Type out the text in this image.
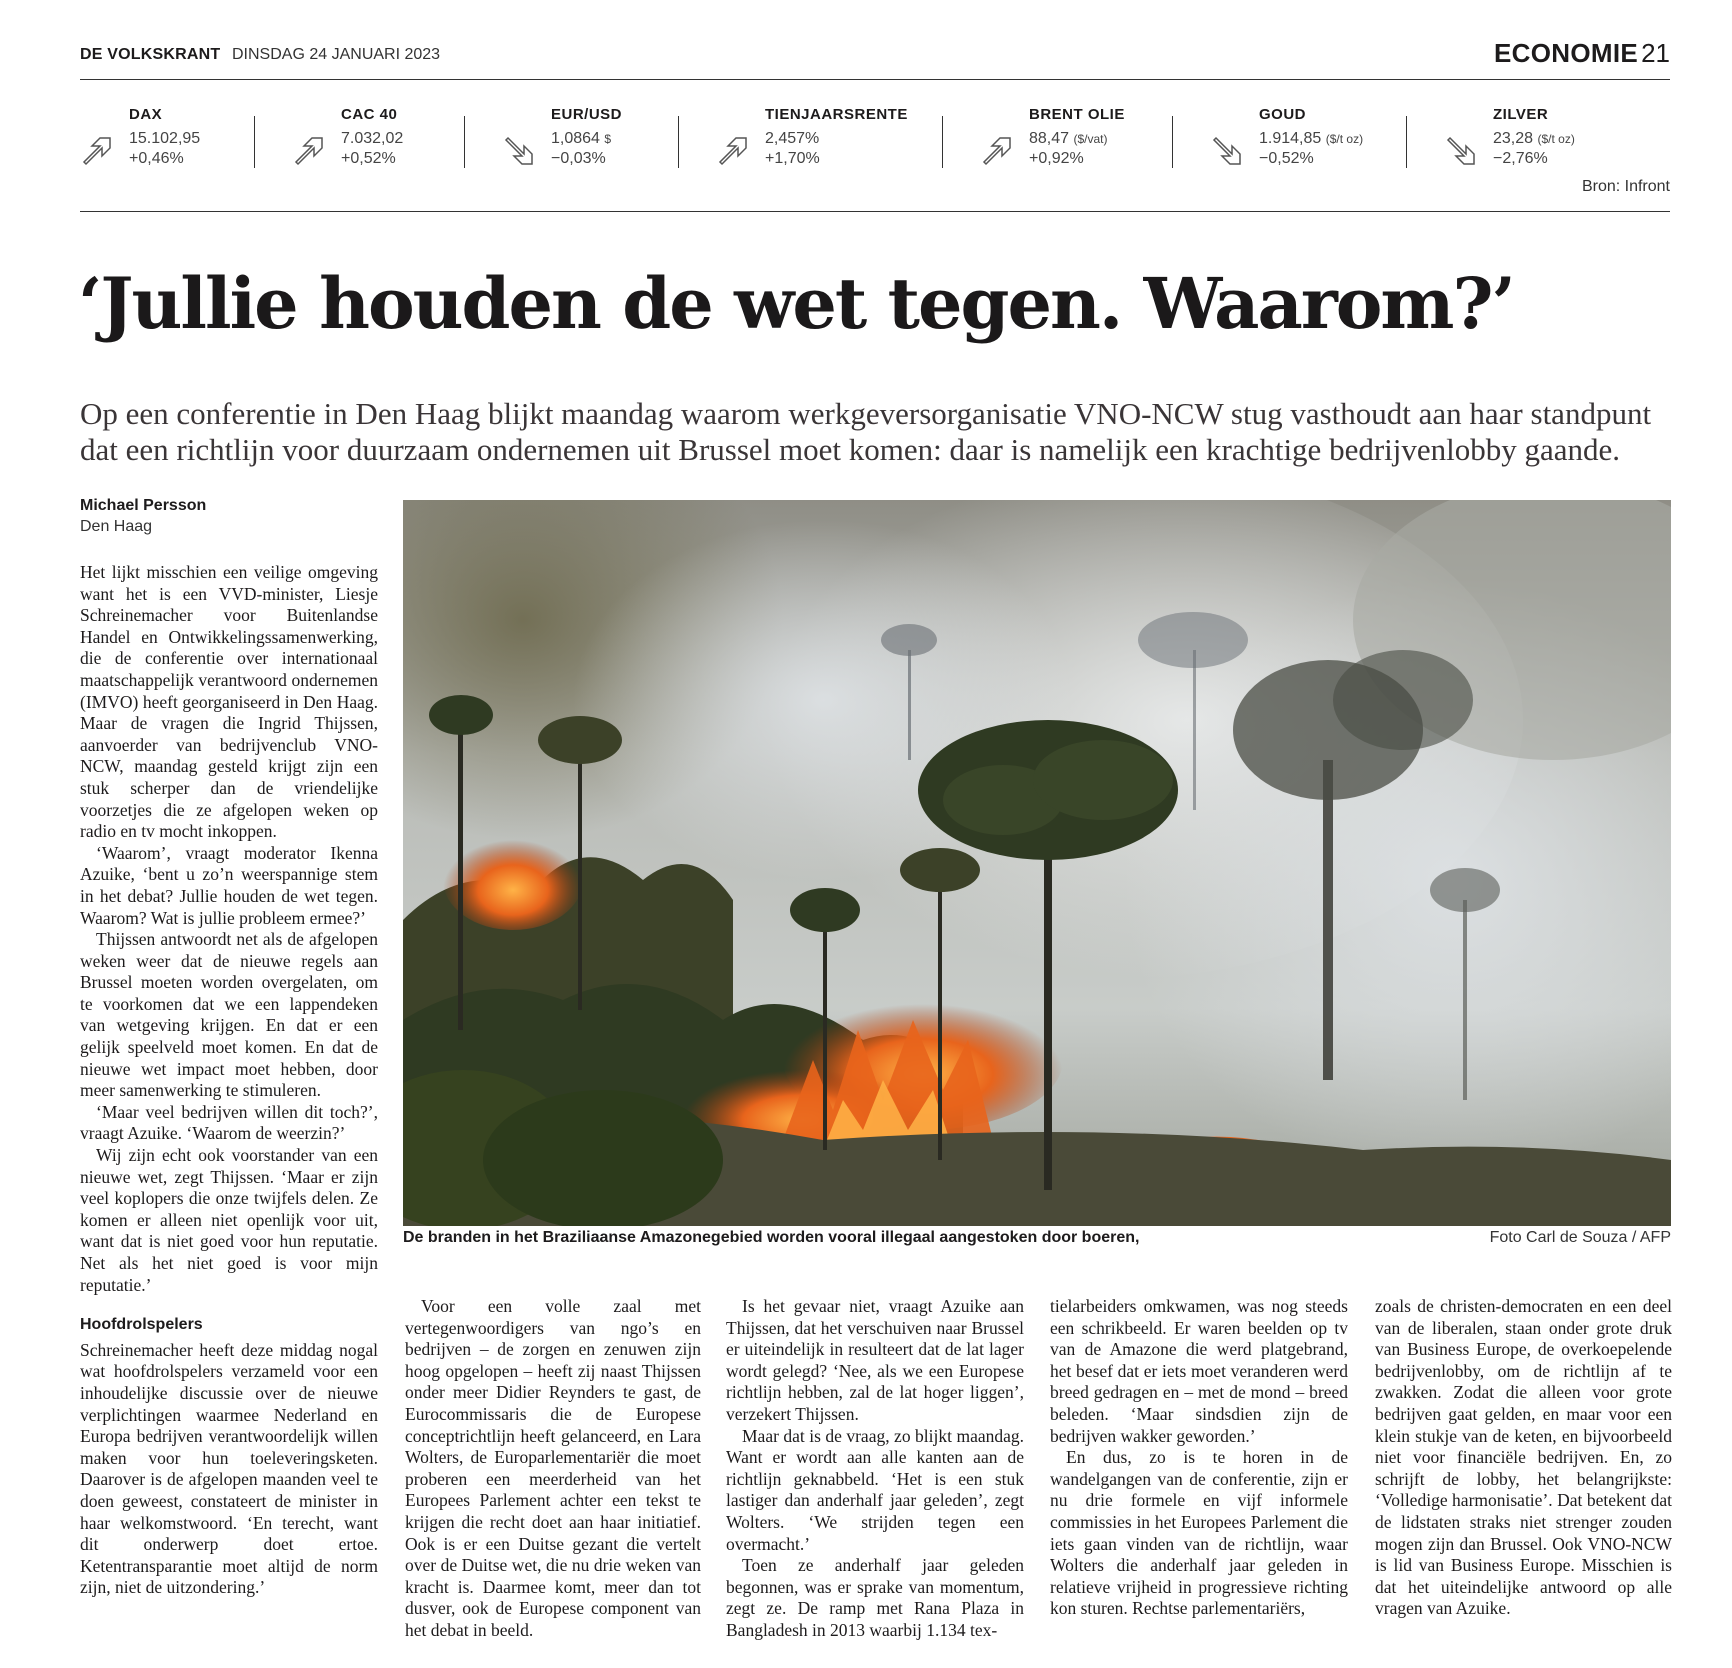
DE VOLKSKRANT DINSDAG 24 JANUARI 2023	ECONOMIE 21
DAX
15.102,95
+0,46%
CAC 40
7.032,02
+0,52%
EUR/USD
1,0864 $
−0,03%
TIENJAARSRENTE
2,457%
+1,70%
BRENT OLIE
88,47 ($/vat)
+0,92%
GOUD
1.914,85 ($/t oz)
−0,52%
ZILVER
23,28 ($/t oz)
−2,76%
Bron: Infront
‘Jullie houden de wet tegen. Waarom?’

Op een conferentie in Den Haag blijkt maandag waarom werkgeversorganisatie VNO-NCW stug vasthoudt aan haar standpunt dat een richtlijn voor duurzaam ondernemen uit Brussel moet komen: daar is namelijk een krachtige bedrijvenlobby gaande.

Michael Persson
Den Haag

Het lijkt misschien een veilige omgeving want het is een VVD-minister, Liesje Schreinemacher voor Buitenlandse Handel en Ontwikkelingssamenwerking, die de conferentie over internationaal maatschappelijk verantwoord ondernemen (IMVO) heeft georganiseerd in Den Haag. Maar de vragen die Ingrid Thijssen, aanvoerder van bedrijvenclub VNO-NCW, maandag gesteld krijgt zijn een stuk scherper dan de vriendelijke voorzetjes die ze afgelopen weken op radio en tv mocht inkoppen.

‘Waarom’, vraagt moderator Ikenna Azuike, ‘bent u zo’n weerspannige stem in het debat? Jullie houden de wet tegen. Waarom? Wat is jullie probleem ermee?’

Thijssen antwoordt net als de afgelopen weken weer dat de nieuwe regels aan Brussel moeten worden overgelaten, om te voorkomen dat we een lappendeken van wetgeving krijgen. En dat er een gelijk speelveld moet komen. En dat de nieuwe wet impact moet hebben, door meer samenwerking te stimuleren.

‘Maar veel bedrijven willen dit toch?’, vraagt Azuike. ‘Waarom de weerzin?’

Wij zijn echt ook voorstander van een nieuwe wet, zegt Thijssen. ‘Maar er zijn veel koplopers die onze twijfels delen. Ze komen er alleen niet openlijk voor uit, want dat is niet goed voor hun reputatie. Net als het niet goed is voor mijn reputatie.’

Hoofdrolspelers

Schreinemacher heeft deze middag nogal wat hoofdrolspelers verzameld voor een inhoudelijke discussie over de nieuwe verplichtingen waarmee Nederland en Europa bedrijven verantwoordelijk willen maken voor hun toeleveringsketen. Daarover is de afgelopen maanden veel te doen geweest, constateert de minister in haar welkomstwoord. ‘En terecht, want dit onderwerp doet ertoe. Ketentransparantie moet altijd de norm zijn, niet de uitzondering.’

De branden in het Braziliaanse Amazonegebied worden vooral illegaal aangestoken door boeren,	Foto Carl de Souza / AFP

Voor een volle zaal met vertegenwoordigers van ngo’s en bedrijven – de zorgen en zenuwen zijn hoog opgelopen – heeft zij naast Thijssen onder meer Didier Reynders te gast, de Eurocommissaris die de Europese conceptrichtlijn heeft gelanceerd, en Lara Wolters, de Europarlementariër die moet proberen een meerderheid van het Europees Parlement achter een tekst te krijgen die recht doet aan haar initiatief. Ook is er een Duitse gezant die vertelt over de Duitse wet, die nu drie weken van kracht is. Daarmee komt, meer dan tot dusver, ook de Europese component van het debat in beeld.

Is het gevaar niet, vraagt Azuike aan Thijssen, dat het verschuiven naar Brussel er uiteindelijk in resulteert dat de lat lager wordt gelegd? ‘Nee, als we een Europese richtlijn hebben, zal de lat hoger liggen’, verzekert Thijssen.

Maar dat is de vraag, zo blijkt maandag. Want er wordt aan alle kanten aan de richtlijn geknabbeld. ‘Het is een stuk lastiger dan anderhalf jaar geleden’, zegt Wolters. ‘We strijden tegen een overmacht.’

Toen ze anderhalf jaar geleden begonnen, was er sprake van momentum, zegt ze. De ramp met Rana Plaza in Bangladesh in 2013 waarbij 1.134 tex-

tielarbeiders omkwamen, was nog steeds een schrikbeeld. Er waren beelden op tv van de Amazone die werd platgebrand, het besef dat er iets moet veranderen werd breed gedragen en – met de mond – breed beleden. ‘Maar sindsdien zijn de bedrijven wakker geworden.’

En dus, zo is te horen in de wandelgangen van de conferentie, zijn er nu drie formele en vijf informele commissies in het Europees Parlement die iets gaan vinden van de richtlijn, waar Wolters die anderhalf jaar geleden in relatieve vrijheid in progressieve richting kon sturen. Rechtse parlementariërs,

zoals de christen-democraten en een deel van de liberalen, staan onder grote druk van Business Europe, de overkoepelende bedrijvenlobby, om de richtlijn af te zwakken. Zodat die alleen voor grote bedrijven gaat gelden, en maar voor een klein stukje van de keten, en bijvoorbeeld niet voor financiële bedrijven. En, zo schrijft de lobby, het belangrijkste: ‘Volledige harmonisatie’. Dat betekent dat de lidstaten straks niet strenger zouden mogen zijn dan Brussel. Ook VNO-NCW is lid van Business Europe. Misschien is dat het uiteindelijke antwoord op alle vragen van Azuike.
